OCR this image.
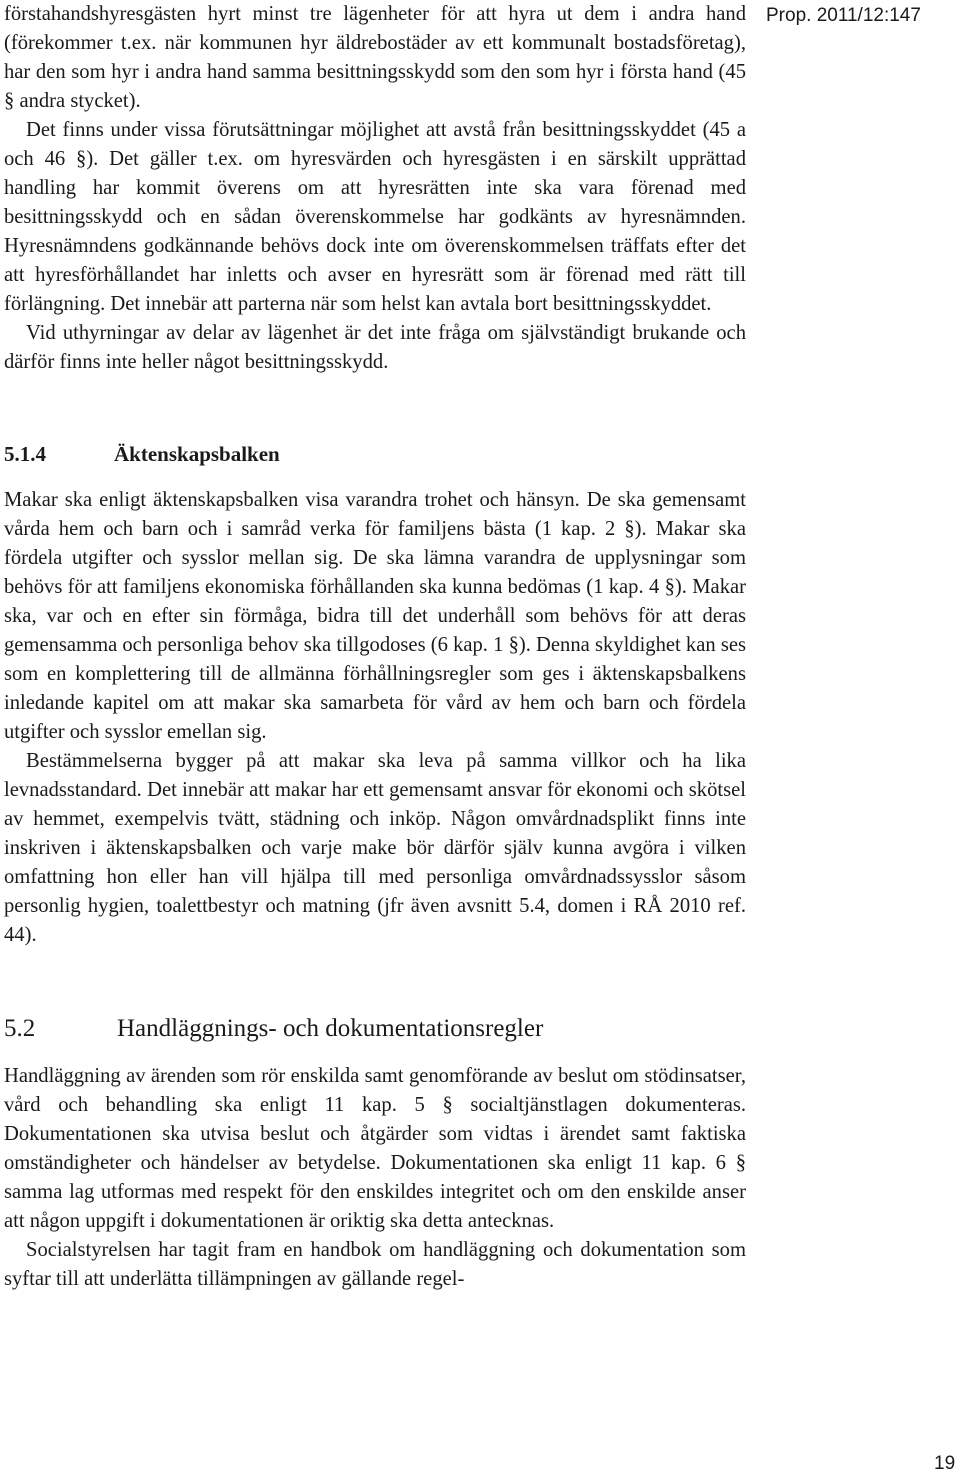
Prop. 2011/12:147

förstahandshyresgästen hyrt minst tre lägenheter för att hyra ut dem i andra hand (förekommer t.ex. när kommunen hyr äldrebostäder av ett kommunalt bostadsföretag), har den som hyr i andra hand samma besittningsskydd som den som hyr i första hand (45 § andra stycket).

Det finns under vissa förutsättningar möjlighet att avstå från besittningsskyddet (45 a och 46 §). Det gäller t.ex. om hyresvärden och hyresgästen i en särskilt upprättad handling har kommit överens om att hyresrätten inte ska vara förenad med besittningsskydd och en sådan överenskommelse har godkänts av hyresnämnden. Hyresnämndens godkännande behövs dock inte om överenskommelsen träffats efter det att hyresförhållandet har inletts och avser en hyresrätt som är förenad med rätt till förlängning. Det innebär att parterna när som helst kan avtala bort besittningsskyddet.

Vid uthyrningar av delar av lägenhet är det inte fråga om självständigt brukande och därför finns inte heller något besittningsskydd.

5.1.4	Äktenskapsbalken

Makar ska enligt äktenskapsbalken visa varandra trohet och hänsyn. De ska gemensamt vårda hem och barn och i samråd verka för familjens bästa (1 kap. 2 §). Makar ska fördela utgifter och sysslor mellan sig. De ska lämna varandra de upplysningar som behövs för att familjens ekonomiska förhållanden ska kunna bedömas (1 kap. 4 §). Makar ska, var och en efter sin förmåga, bidra till det underhåll som behövs för att deras gemensamma och personliga behov ska tillgodoses (6 kap. 1 §). Denna skyldighet kan ses som en komplettering till de allmänna förhållningsregler som ges i äktenskapsbalkens inledande kapitel om att makar ska samarbeta för vård av hem och barn och fördela utgifter och sysslor emellan sig.

Bestämmelserna bygger på att makar ska leva på samma villkor och ha lika levnadsstandard. Det innebär att makar har ett gemensamt ansvar för ekonomi och skötsel av hemmet, exempelvis tvätt, städning och inköp. Någon omvårdnadsplikt finns inte inskriven i äktenskapsbalken och varje make bör därför själv kunna avgöra i vilken omfattning hon eller han vill hjälpa till med personliga omvårdnadssysslor såsom personlig hygien, toalettbestyr och matning (jfr även avsnitt 5.4, domen i RÅ 2010 ref. 44).

5.2	Handläggnings- och dokumentationsregler

Handläggning av ärenden som rör enskilda samt genomförande av beslut om stödinsatser, vård och behandling ska enligt 11 kap. 5 § socialtjänstlagen dokumenteras. Dokumentationen ska utvisa beslut och åtgärder som vidtas i ärendet samt faktiska omständigheter och händelser av betydelse. Dokumentationen ska enligt 11 kap. 6 § samma lag utformas med respekt för den enskildes integritet och om den enskilde anser att någon uppgift i dokumentationen är oriktig ska detta antecknas.

Socialstyrelsen har tagit fram en handbok om handläggning och dokumentation som syftar till att underlätta tillämpningen av gällande regel-

19
